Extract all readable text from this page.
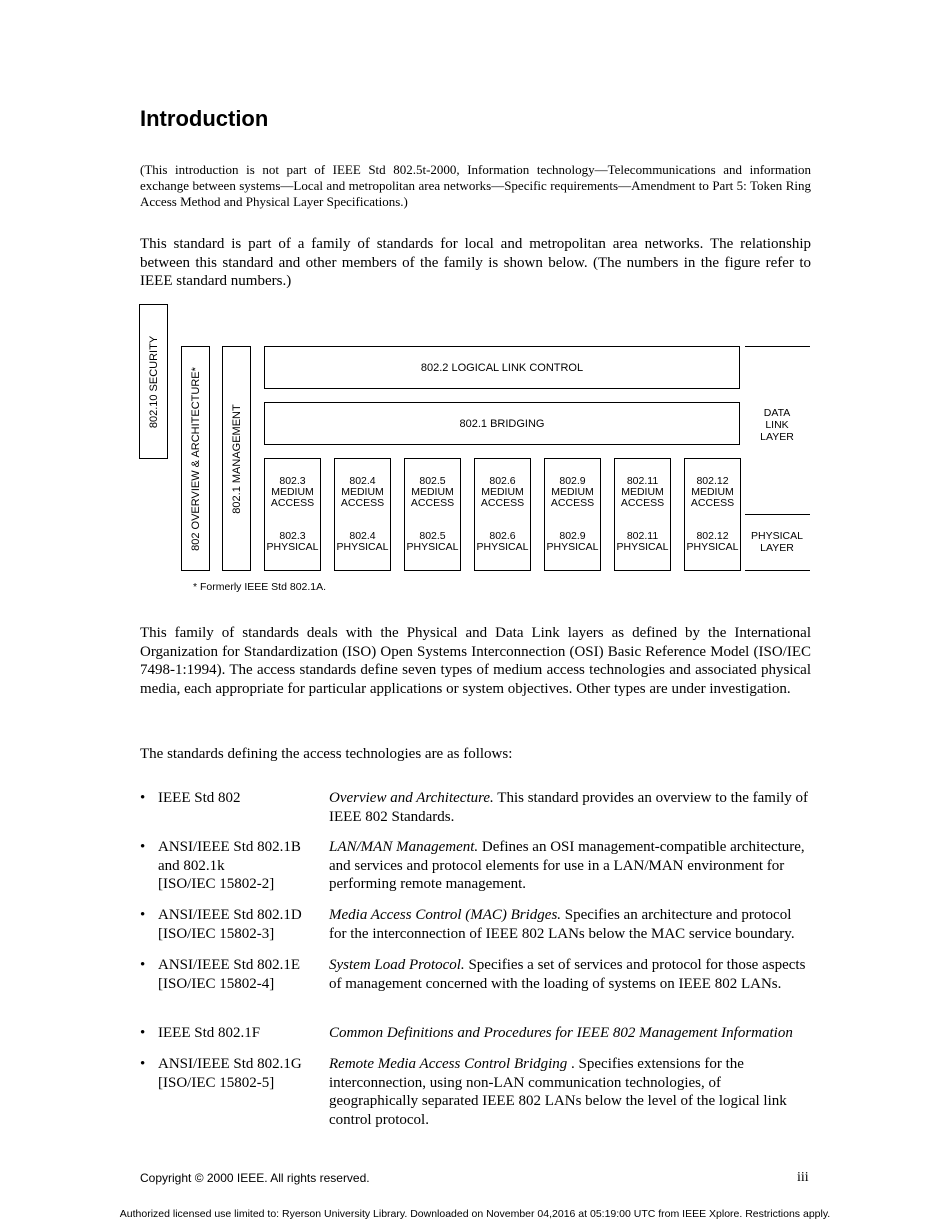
Introduction

(This introduction is not part of IEEE Std 802.5t-2000, Information technology—Telecommunications and information exchange between systems—Local and metropolitan area networks—Specific requirements—Amendment to Part 5: Token Ring Access Method and Physical Layer Specifications.)

This standard is part of a family of standards for local and metropolitan area networks. The relationship between this standard and other members of the family is shown below. (The numbers in the figure refer to IEEE standard numbers.)

802.10 SECURITY	802 OVERVIEW & ARCHITECTURE*	802.1 MANAGEMENT
802.2 LOGICAL LINK CONTROL
802.1 BRIDGING
802.3
MEDIUM
ACCESS
802.3
PHYSICAL
802.4
MEDIUM
ACCESS
802.4
PHYSICAL
802.5
MEDIUM
ACCESS
802.5
PHYSICAL
802.6
MEDIUM
ACCESS
802.6
PHYSICAL
802.9
MEDIUM
ACCESS
802.9
PHYSICAL
802.11
MEDIUM
ACCESS
802.11
PHYSICAL
802.12
MEDIUM
ACCESS
802.12
PHYSICAL
DATA
LINK
LAYER
PHYSICAL
LAYER
* Formerly IEEE Std 802.1A.

This family of standards deals with the Physical and Data Link layers as defined by the International Organization for Standardization (ISO) Open Systems Interconnection (OSI) Basic Reference Model (ISO/IEC 7498-1:1994). The access standards define seven types of medium access technologies and associated physical media, each appropriate for particular applications or system objectives. Other types are under investigation.

The standards defining the access technologies are as follows:

• IEEE Std 802	Overview and Architecture. This standard provides an overview to the family of IEEE 802 Standards.
• ANSI/IEEE Std 802.1B
and 802.1k
[ISO/IEC 15802-2]
LAN/MAN Management. Defines an OSI management-compatible architecture, and services and protocol elements for use in a LAN/MAN environment for performing remote management.
• ANSI/IEEE Std 802.1D
[ISO/IEC 15802-3]
Media Access Control (MAC) Bridges. Specifies an architecture and protocol for the interconnection of IEEE 802 LANs below the MAC service boundary.
• ANSI/IEEE Std 802.1E
[ISO/IEC 15802-4]
System Load Protocol. Specifies a set of services and protocol for those aspects of management concerned with the loading of systems on IEEE 802 LANs.
• IEEE Std 802.1F	Common Definitions and Procedures for IEEE 802 Management Information
• ANSI/IEEE Std 802.1G
[ISO/IEC 15802-5]
Remote Media Access Control Bridging . Specifies extensions for the interconnection, using non-LAN communication technologies, of geographically separated IEEE 802 LANs below the level of the logical link control protocol.
Copyright © 2000 IEEE. All rights reserved.	iii
Authorized licensed use limited to: Ryerson University Library. Downloaded on November 04,2016 at 05:19:00 UTC from IEEE Xplore. Restrictions apply.
